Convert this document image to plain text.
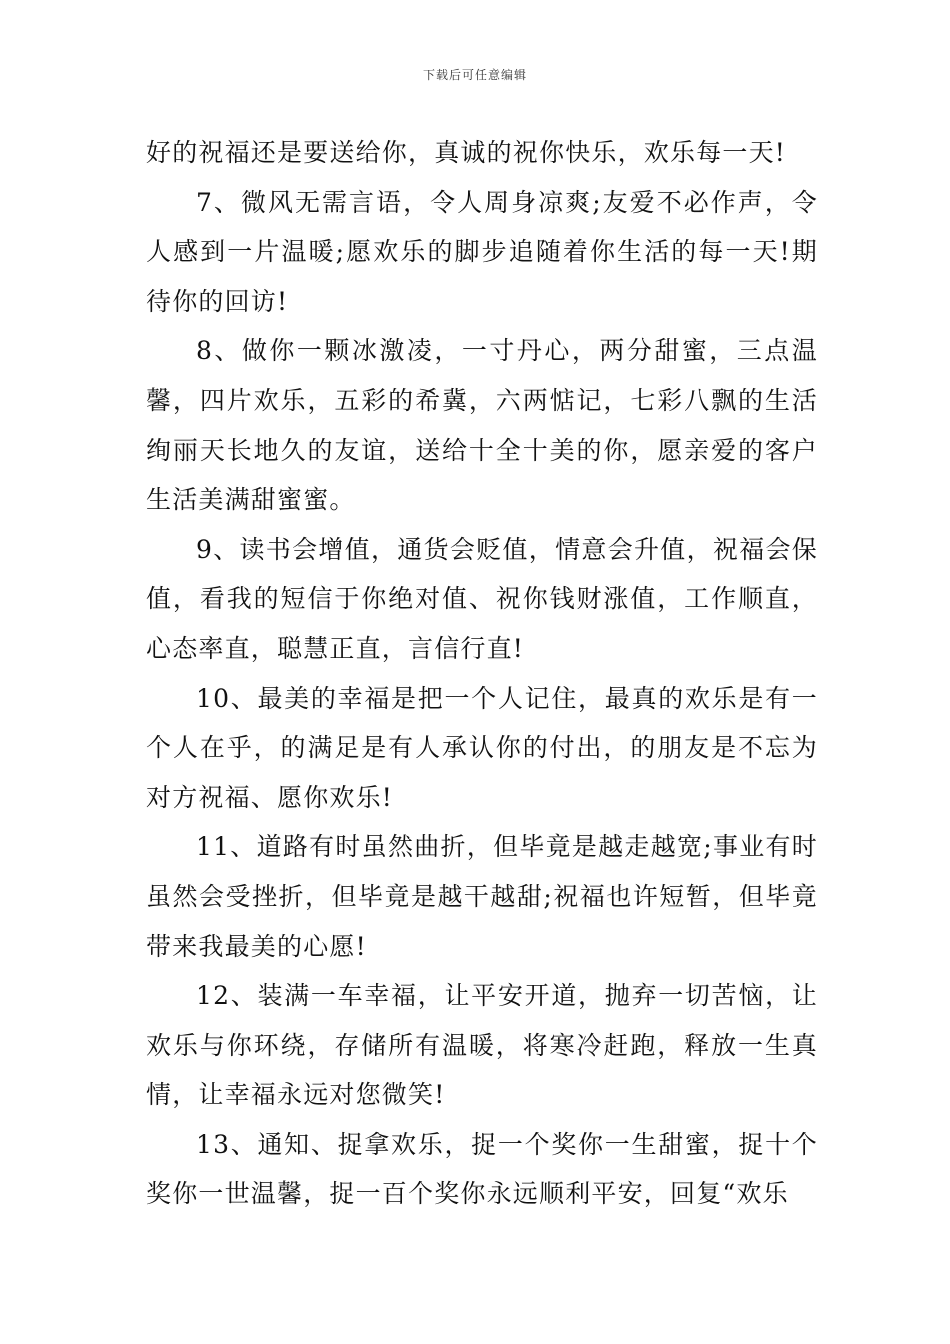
下载后可任意编辑

好的祝福还是要送给你，真诚的祝你快乐，欢乐每一天!

7、微风无需言语，令人周身凉爽;友爱不必作声，令人感到一片温暖;愿欢乐的脚步追随着你生活的每一天!期待你的回访!

8、做你一颗冰激凌，一寸丹心，两分甜蜜，三点温馨，四片欢乐，五彩的希冀，六两惦记，七彩八飘的生活绚丽天长地久的友谊，送给十全十美的你，愿亲爱的客户生活美满甜蜜蜜。

9、读书会增值，通货会贬值，情意会升值，祝福会保值，看我的短信于你绝对值、祝你钱财涨值，工作顺直，心态率直，聪慧正直，言信行直!

10、最美的幸福是把一个人记住，最真的欢乐是有一个人在乎，的满足是有人承认你的付出，的朋友是不忘为对方祝福、愿你欢乐!

11、道路有时虽然曲折，但毕竟是越走越宽;事业有时虽然会受挫折，但毕竟是越干越甜;祝福也许短暂，但毕竟带来我最美的心愿!

12、装满一车幸福，让平安开道，抛弃一切苦恼，让欢乐与你环绕，存储所有温暖，将寒冷赶跑，释放一生真情，让幸福永远对您微笑!

13、通知、捉拿欢乐，捉一个奖你一生甜蜜，捉十个奖你一世温馨，捉一百个奖你永远顺利平安，回复“欢乐
